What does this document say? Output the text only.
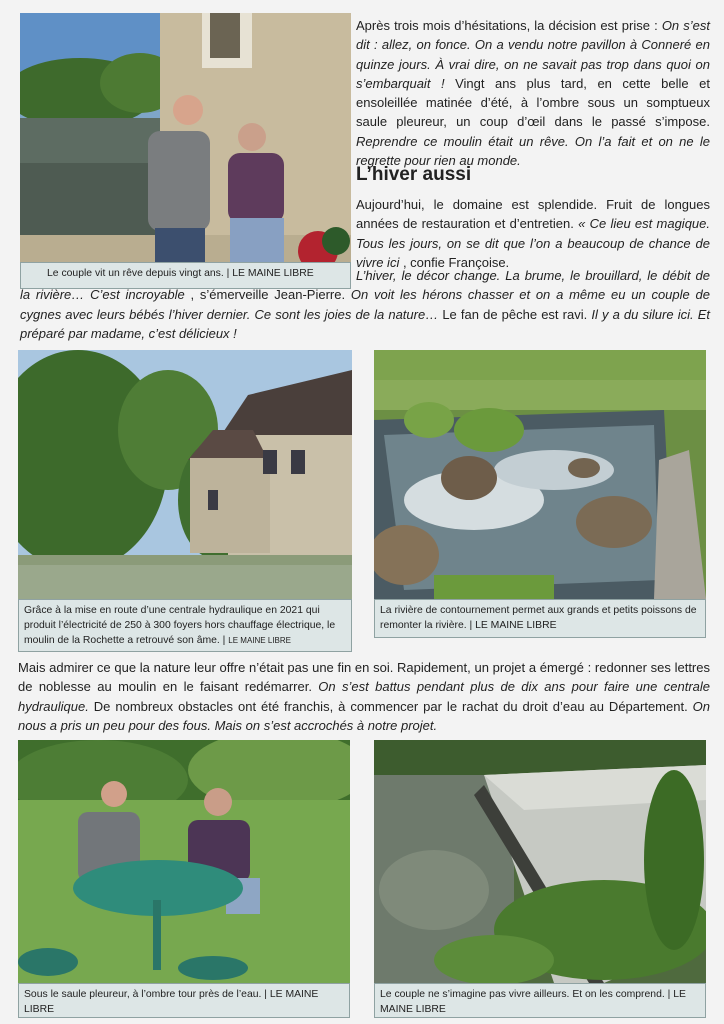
Le couple vit un rêve depuis vingt ans. | LE MAINE LIBRE

Après trois mois d’hésitations, la décision est prise : On s’est dit : allez, on fonce. On a vendu notre pavillon à Conneré en quinze jours. À vrai dire, on ne savait pas trop dans quoi on s’embarquait ! Vingt ans plus tard, en cette belle et ensoleillée matinée d’été, à l’ombre sous un somptueux saule pleureur, un coup d’œil dans le passé s’impose. Reprendre ce moulin était un rêve. On l’a fait et on ne le regrette pour rien au monde.

L’hiver aussi

Aujourd’hui, le domaine est splendide. Fruit de longues années de restauration et d’entretien. « Ce lieu est magique. Tous les jours, on se dit que l’on a beaucoup de chance de vivre ici , confie Françoise.

L’hiver, le décor change. La brume, le brouillard, le débit de la rivière… C’est incroyable , s’émerveille Jean-Pierre. On voit les hérons chasser et on a même eu un couple de cygnes avec leurs bébés l’hiver dernier. Ce sont les joies de la nature… Le fan de pêche est ravi. Il y a du silure ici. Et préparé par madame, c’est délicieux !

Grâce à la mise en route d’une centrale hydraulique en 2021 qui produit l’électricité de 250 à 300 foyers hors chauffage électrique, le moulin de la Rochette a retrouvé son âme. | LE MAINE LIBRE
La rivière de contournement permet aux grands et petits poissons de remonter la rivière. | LE MAINE LIBRE

Mais admirer ce que la nature leur offre n’était pas une fin en soi. Rapidement, un projet a émergé : redonner ses lettres de noblesse au moulin en le faisant redémarrer. On s’est battus pendant plus de dix ans pour faire une centrale hydraulique. De nombreux obstacles ont été franchis, à commencer par le rachat du droit d’eau au Département. On nous a pris un peu pour des fous. Mais on s’est accrochés à notre projet.

Sous le saule pleureur, à l’ombre tour près de l’eau. | LE MAINE LIBRE
Le couple ne s’imagine pas vivre ailleurs. Et on les comprend. | LE MAINE LIBRE
